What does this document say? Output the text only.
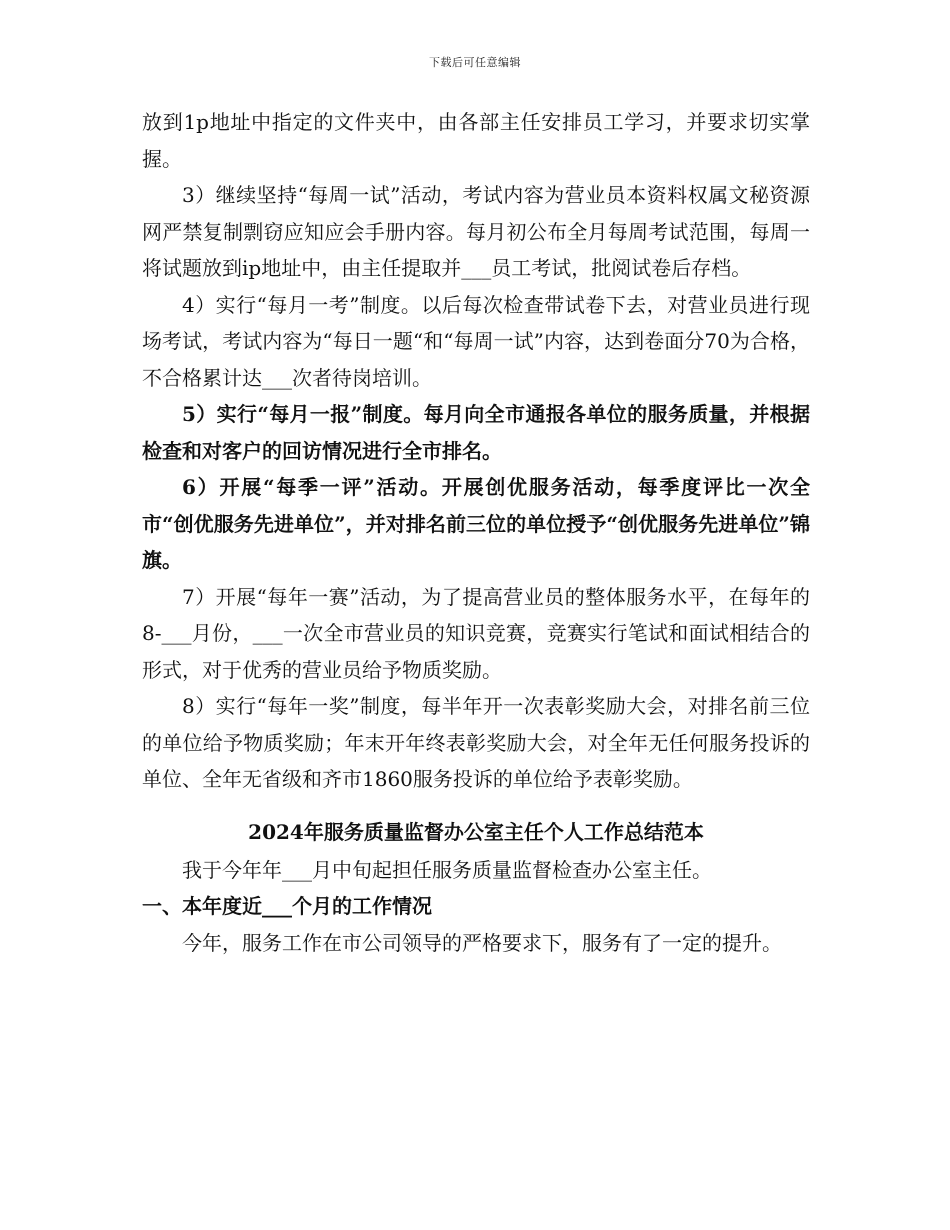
下载后可任意编辑

放到1p地址中指定的文件夹中，由各部主任安排员工学习，并要求切实掌握。

3）继续坚持“每周一试”活动，考试内容为营业员本资料权属文秘资源网严禁复制剽窃应知应会手册内容。每月初公布全月每周考试范围，每周一将试题放到ip地址中，由主任提取并___员工考试，批阅试卷后存档。

4）实行“每月一考”制度。以后每次检查带试卷下去，对营业员进行现场考试，考试内容为“每日一题“和“每周一试”内容，达到卷面分70为合格，不合格累计达___次者待岗培训。

5）实行“每月一报”制度。每月向全市通报各单位的服务质量，并根据检查和对客户的回访情况进行全市排名。

6）开展“每季一评”活动。开展创优服务活动，每季度评比一次全市“创优服务先进单位”，并对排名前三位的单位授予“创优服务先进单位”锦旗。

7）开展“每年一赛”活动，为了提高营业员的整体服务水平，在每年的8-___月份，___一次全市营业员的知识竞赛，竞赛实行笔试和面试相结合的形式，对于优秀的营业员给予物质奖励。

8）实行“每年一奖”制度，每半年开一次表彰奖励大会，对排名前三位的单位给予物质奖励；年末开年终表彰奖励大会，对全年无任何服务投诉的单位、全年无省级和齐市1860服务投诉的单位给予表彰奖励。

2024年服务质量监督办公室主任个人工作总结范本

我于今年年___月中旬起担任服务质量监督检查办公室主任。

一、本年度近___个月的工作情况

今年，服务工作在市公司领导的严格要求下，服务有了一定的提升。
